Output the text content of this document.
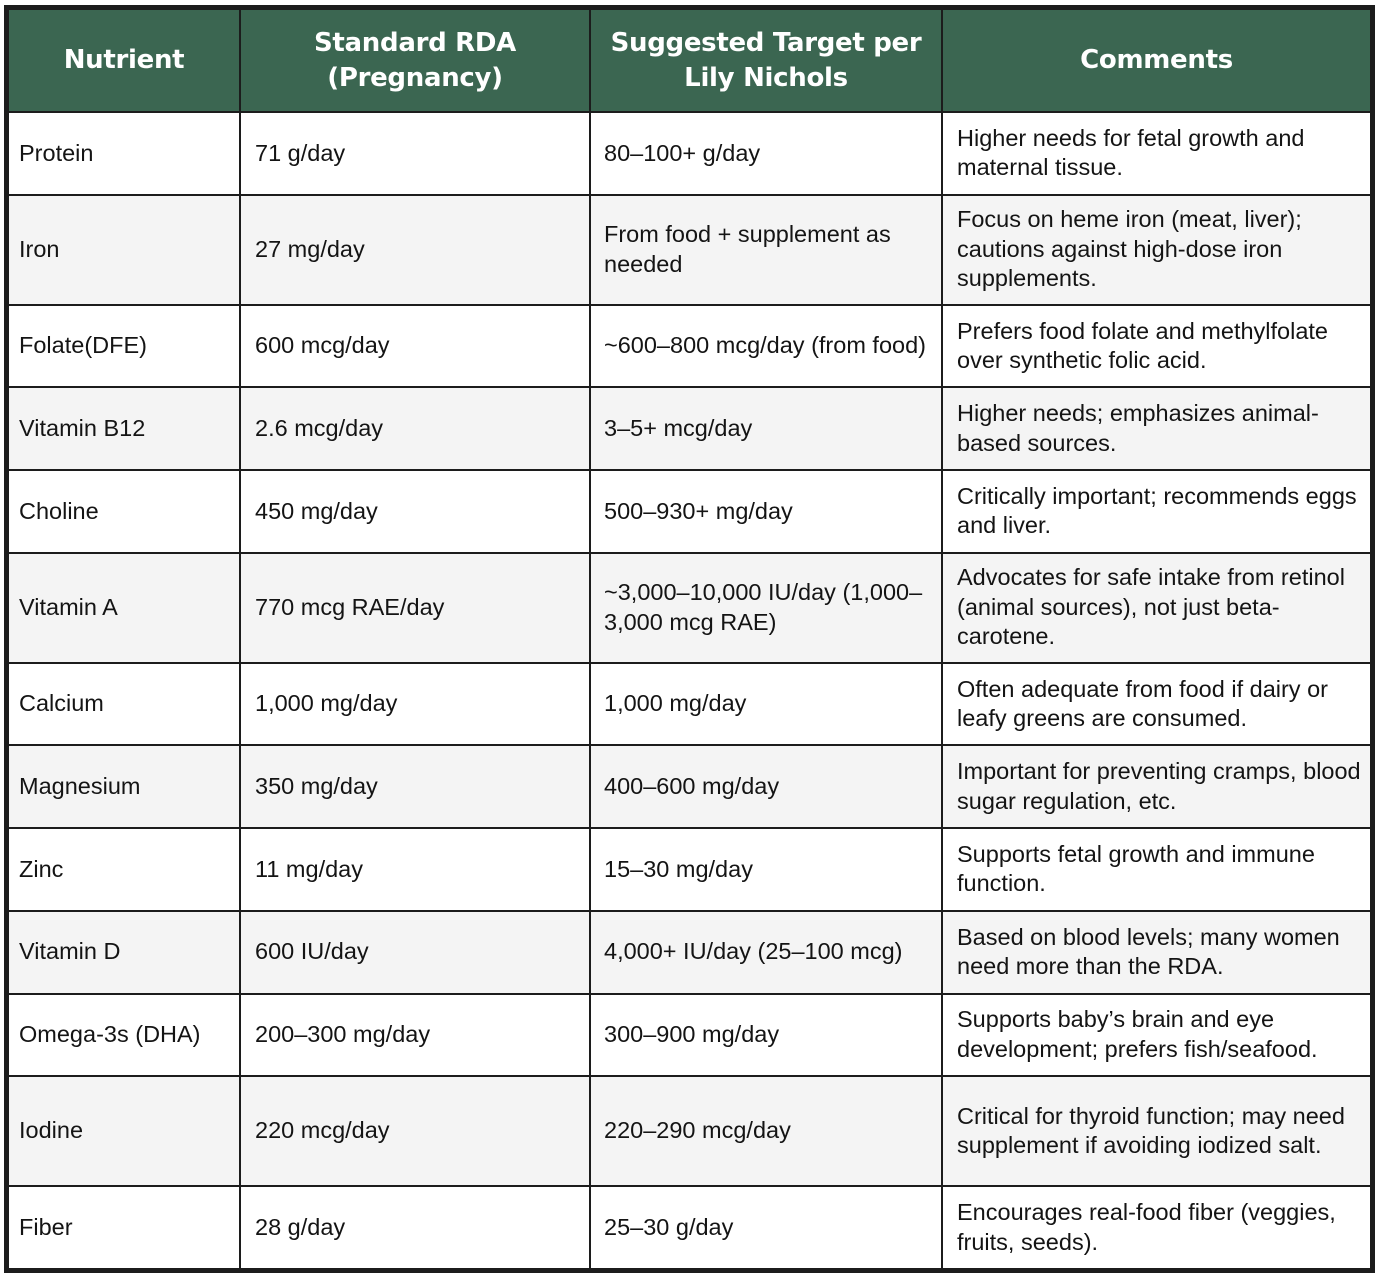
Nutrient	Standard RDA (Pregnancy)	Suggested Target per Lily Nichols	Comments
Protein	71 g/day	80–100+ g/day	Higher needs for fetal growth and maternal tissue.
Iron	27 mg/day	From food + supplement as needed	Focus on heme iron (meat, liver); cautions against high-dose iron supplements.
Folate(DFE)	600 mcg/day	~600–800 mcg/day (from food)	Prefers food folate and methylfolate over synthetic folic acid.
Vitamin B12	2.6 mcg/day	3–5+ mcg/day	Higher needs; emphasizes animal-based sources.
Choline	450 mg/day	500–930+ mg/day	Critically important; recommends eggs and liver.
Vitamin A	770 mcg RAE/day	~3,000–10,000 IU/day (1,000–3,000 mcg RAE)	Advocates for safe intake from retinol (animal sources), not just beta-carotene.
Calcium	1,000 mg/day	1,000 mg/day	Often adequate from food if dairy or leafy greens are consumed.
Magnesium	350 mg/day	400–600 mg/day	Important for preventing cramps, blood sugar regulation, etc.
Zinc	11 mg/day	15–30 mg/day	Supports fetal growth and immune function.
Vitamin D	600 IU/day	4,000+ IU/day (25–100 mcg)	Based on blood levels; many women need more than the RDA.
Omega-3s (DHA)	200–300 mg/day	300–900 mg/day	Supports baby’s brain and eye development; prefers fish/seafood.
Iodine	220 mcg/day	220–290 mcg/day	Critical for thyroid function; may need supplement if avoiding iodized salt.
Fiber	28 g/day	25–30 g/day	Encourages real-food fiber (veggies, fruits, seeds).
